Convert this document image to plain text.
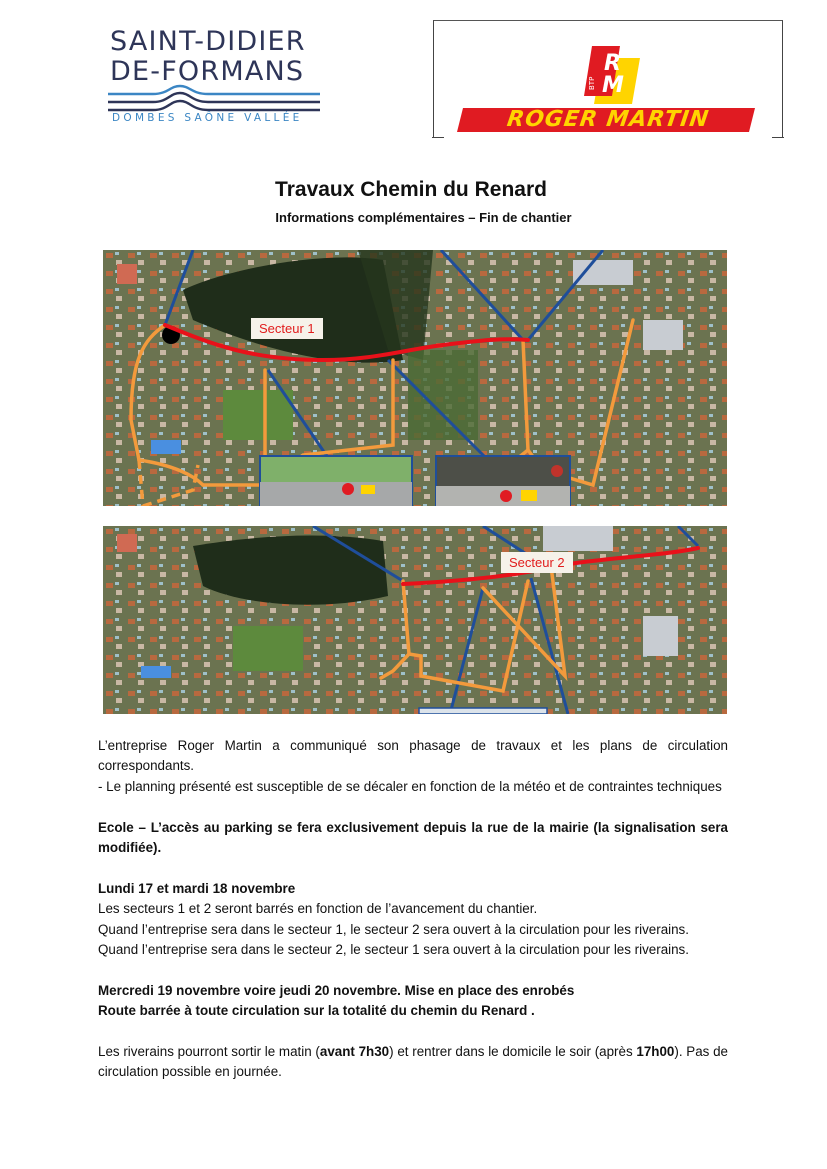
SAINT-DIDIER
DE-FORMANS
DOMBES SAÔNE VALLÉE
R
M
BTP
ROGER MARTIN
Travaux Chemin du Renard
Informations complémentaires – Fin de chantier
Secteur 1
Secteur 2

L’entreprise Roger Martin a communiqué son phasage de travaux et les plans de circulation correspondants.

- Le planning présenté est susceptible de se décaler en fonction de la météo et de contraintes techniques

Ecole – L’accès au parking se fera exclusivement depuis la rue de la mairie (la signalisation sera modifiée).

Lundi 17 et mardi 18 novembre

Les secteurs 1 et 2 seront barrés en fonction de l’avancement du chantier.

Quand l’entreprise sera dans le secteur 1, le secteur 2 sera ouvert à la circulation pour les riverains.

Quand l’entreprise sera dans le secteur 2, le secteur 1 sera ouvert à la circulation pour les riverains.

Mercredi 19 novembre voire jeudi 20 novembre. Mise en place des enrobés

Route barrée à toute circulation sur la totalité du chemin du Renard .

Les riverains pourront sortir le matin (avant 7h30) et rentrer dans le domicile le soir (après 17h00). Pas de circulation possible en journée.
